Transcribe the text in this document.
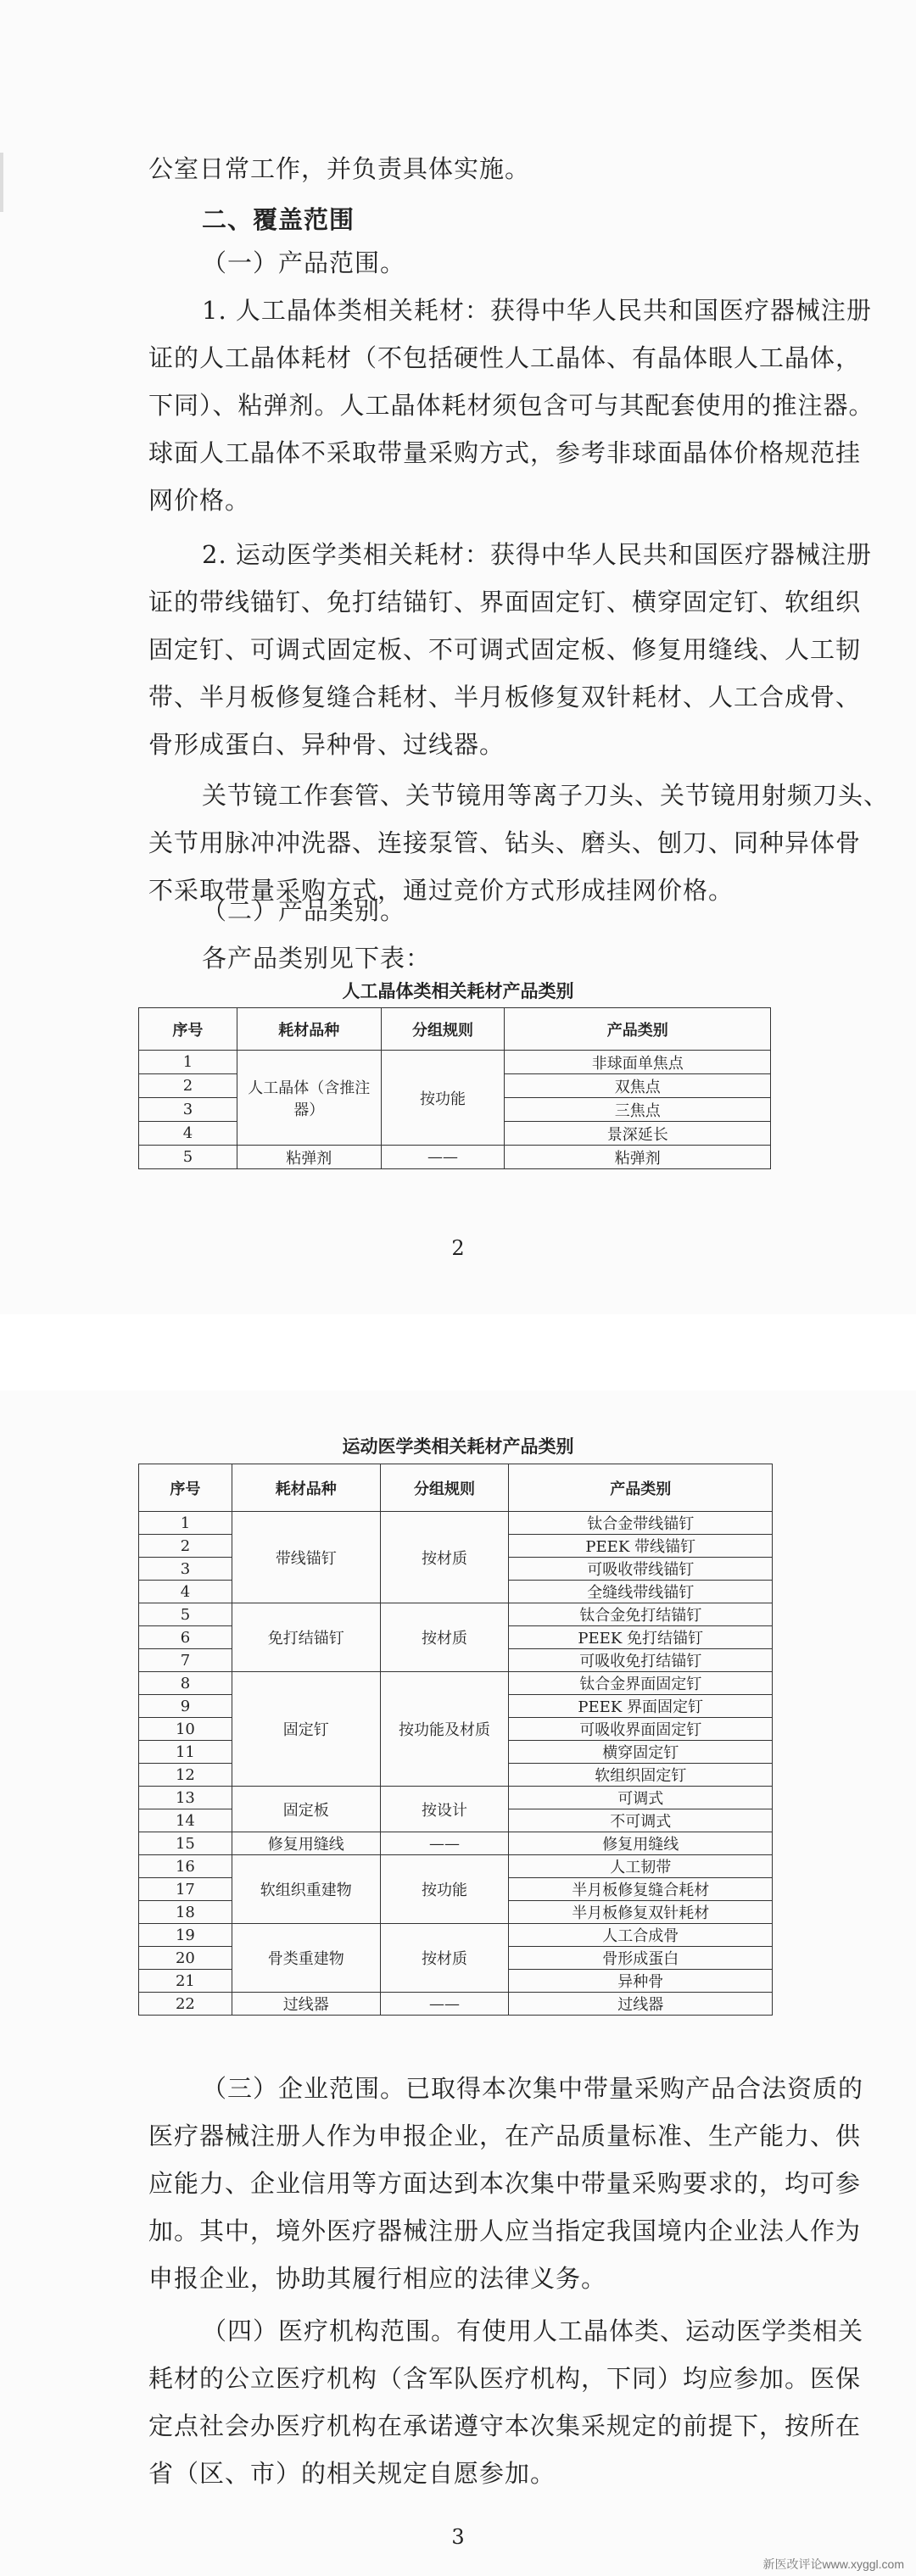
公室日常工作，并负责具体实施。
二、覆盖范围
（一）产品范围。
1. 人工晶体类相关耗材：获得中华人民共和国医疗器械注册
证的人工晶体耗材（不包括硬性人工晶体、有晶体眼人工晶体，
下同）、粘弹剂。人工晶体耗材须包含可与其配套使用的推注器。
球面人工晶体不采取带量采购方式，参考非球面晶体价格规范挂
网价格。
2. 运动医学类相关耗材：获得中华人民共和国医疗器械注册
证的带线锚钉、免打结锚钉、界面固定钉、横穿固定钉、软组织
固定钉、可调式固定板、不可调式固定板、修复用缝线、人工韧
带、半月板修复缝合耗材、半月板修复双针耗材、人工合成骨、
骨形成蛋白、异种骨、过线器。
关节镜工作套管、关节镜用等离子刀头、关节镜用射频刀头、
关节用脉冲冲洗器、连接泵管、钻头、磨头、刨刀、同种异体骨
不采取带量采购方式，通过竞价方式形成挂网价格。
（二）产品类别。
各产品类别见下表：
人工晶体类相关耗材产品类别
序号	耗材品种	分组规则	产品类别
1	人工晶体（含推注器）	按功能	非球面单焦点
2			双焦点
3			三焦点
4			景深延长
5	粘弹剂	——	粘弹剂
2
运动医学类相关耗材产品类别
序号	耗材品种	分组规则	产品类别
1	带线锚钉	按材质	钛合金带线锚钉
2			PEEK 带线锚钉
3			可吸收带线锚钉
4			全缝线带线锚钉
5	免打结锚钉	按材质	钛合金免打结锚钉
6			PEEK 免打结锚钉
7			可吸收免打结锚钉
8	固定钉	按功能及材质	钛合金界面固定钉
9			PEEK 界面固定钉
10			可吸收界面固定钉
11			横穿固定钉
12			软组织固定钉
13	固定板	按设计	可调式
14			不可调式
15	修复用缝线	——	修复用缝线
16	软组织重建物	按功能	人工韧带
17			半月板修复缝合耗材
18			半月板修复双针耗材
19	骨类重建物	按材质	人工合成骨
20			骨形成蛋白
21			异种骨
22	过线器	——	过线器
（三）企业范围。已取得本次集中带量采购产品合法资质的
医疗器械注册人作为申报企业，在产品质量标准、生产能力、供
应能力、企业信用等方面达到本次集中带量采购要求的，均可参
加。其中，境外医疗器械注册人应当指定我国境内企业法人作为
申报企业，协助其履行相应的法律义务。
（四）医疗机构范围。有使用人工晶体类、运动医学类相关
耗材的公立医疗机构（含军队医疗机构，下同）均应参加。医保
定点社会办医疗机构在承诺遵守本次集采规定的前提下，按所在
省（区、市）的相关规定自愿参加。
3
新医改评论www.xyggl.com
